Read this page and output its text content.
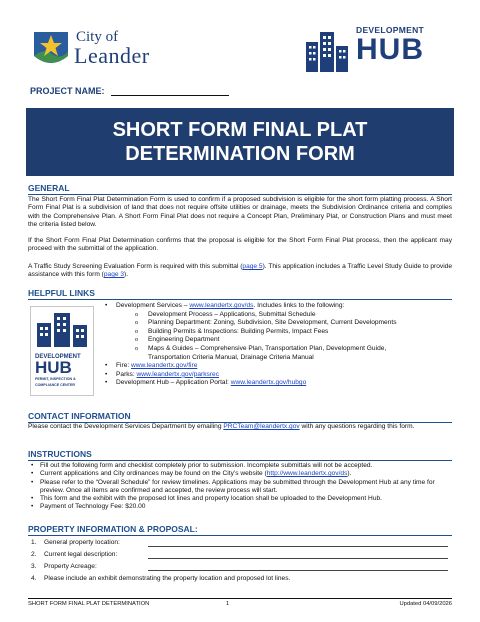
City of
Leander
DEVELOPMENT
HUB
PROJECT NAME:
SHORT FORM FINAL PLAT
DETERMINATION FORM
GENERAL
The Short Form Final Plat Determination Form is used to confirm if a proposed subdivision is eligible for the short form platting process. A Short Form Final Plat is a subdivision of land that does not require offsite utilities or drainage, meets the Subdivision Ordinance criteria and complies with the Comprehensive Plan. A Short Form Final Plat does not require a Concept Plan, Preliminary Plat, or Construction Plans and must meet the criteria listed below.
If the Short Form Final Plat Determination confirms that the proposal is eligible for the Short Form Final Plat process, then the applicant may proceed with the submittal of the application.
A Traffic Study Screening Evaluation Form is required with this submittal (page 5). This application includes a Traffic Level Study Guide to provide assistance with this form (page 3).
HELPFUL LINKS
DEVELOPMENT
HUB
PERMIT, INSPECTION &
COMPLIANCE CENTER
• Development Services – www.leandertx.gov/ds. Includes links to the following:
o Development Process – Applications, Submittal Schedule
o Planning Department: Zoning, Subdivision, Site Development, Current Developments
o Building Permits & Inspections: Building Permits, Impact Fees
o Engineering Department
o Maps & Guides – Comprehensive Plan, Transportation Plan, Development Guide,
Transportation Criteria Manual, Drainage Criteria Manual
• Fire: www.leandertx.gov/fire
• Parks: www.leandertx.gov/parksrec
• Development Hub – Application Portal: www.leandertx.gov/hubgo
CONTACT INFORMATION
Please contact the Development Services Department by emailing PRCTeam@leandertx.gov with any questions regarding this form.
INSTRUCTIONS
• Fill out the following form and checklist completely prior to submission. Incomplete submittals will not be accepted.
• Current applications and City ordinances may be found on the City’s website (http://www.leandertx.gov/ds).
• Please refer to the “Overall Schedule” for review timelines. Applications may be submitted through the Development Hub at any time for preview. Once all items are confirmed and accepted, the review process will start.
• This form and the exhibit with the proposed lot lines and property location shall be uploaded to the Development Hub.
• Payment of Technology Fee: $20.00
PROPERTY INFORMATION & PROPOSAL:
1. General property location:
2. Current legal description:
3. Property Acreage:
4. Please include an exhibit demonstrating the property location and proposed lot lines.
SHORT FORM FINAL PLAT DETERMINATION	1	Updated 04/09/2026
